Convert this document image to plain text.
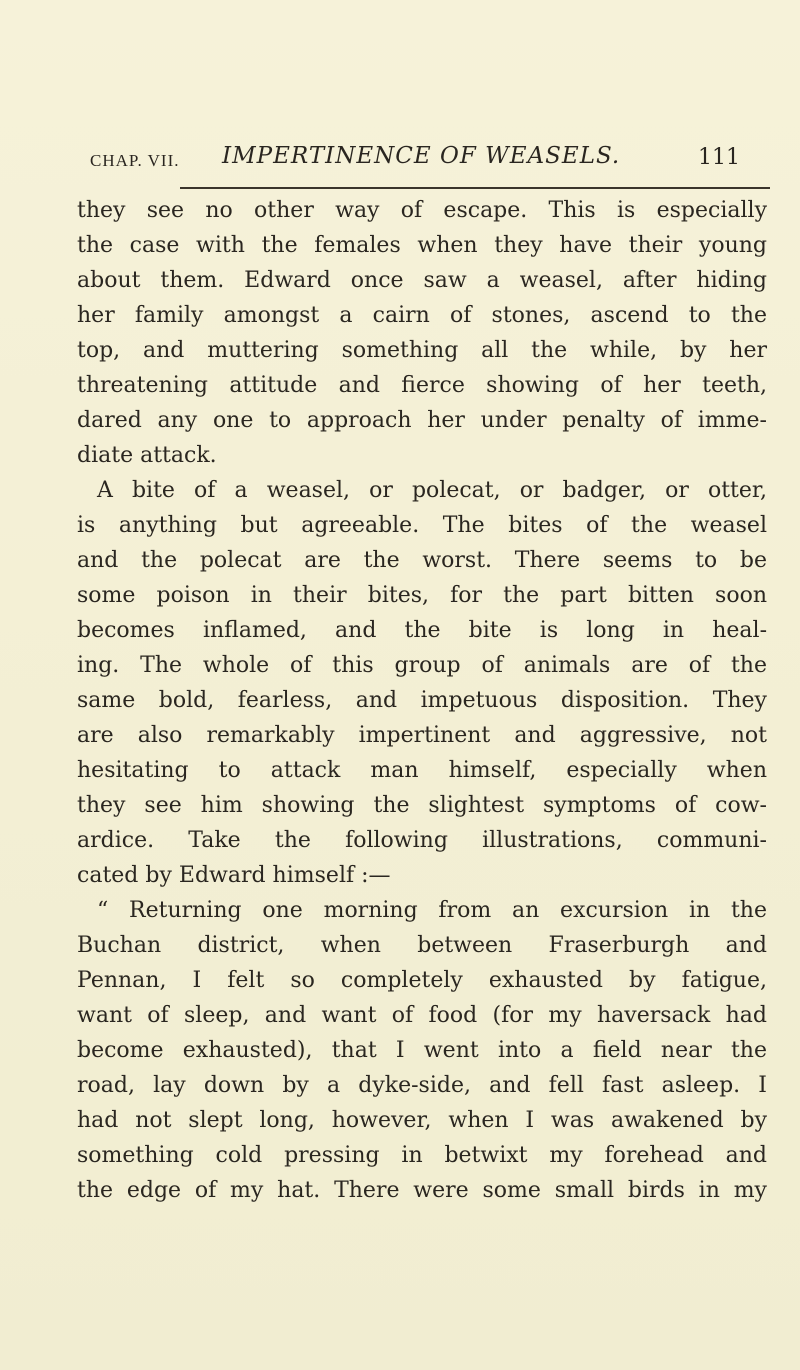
CHAP. VII. IMPERTINENCE OF WEASELS.	111
they see no other way of escape. This is especially
the case with the females when they have their young
about them. Edward once saw a weasel, after hiding
her family amongst a cairn of stones, ascend to the
top, and muttering something all the while, by her
threatening attitude and fierce showing of her teeth,
dared any one to approach her under penalty of imme-
diate attack.
A bite of a weasel, or polecat, or badger, or otter,
is anything but agreeable. The bites of the weasel
and the polecat are the worst. There seems to be
some poison in their bites, for the part bitten soon
becomes inflamed, and the bite is long in heal-
ing. The whole of this group of animals are of the
same bold, fearless, and impetuous disposition. They
are also remarkably impertinent and aggressive, not
hesitating to attack man himself, especially when
they see him showing the slightest symptoms of cow-
ardice. Take the following illustrations, communi-
cated by Edward himself :—
“ Returning one morning from an excursion in the
Buchan district, when between Fraserburgh and
Pennan, I felt so completely exhausted by fatigue,
want of sleep, and want of food (for my haversack had
become exhausted), that I went into a field near the
road, lay down by a dyke-side, and fell fast asleep. I
had not slept long, however, when I was awakened by
something cold pressing in betwixt my forehead and
the edge of my hat. There were some small birds in my
